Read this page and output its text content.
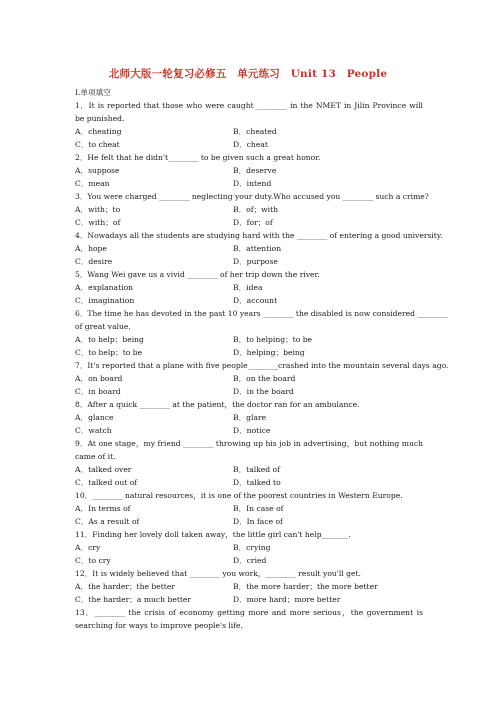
北师大版一轮复习必修五　单元练习　Unit 13　People
Ⅰ.单项填空
1．It is reported that those who were caught ________ in the NMET in Jilin Province will be punished.
A．cheating	B．cheated
C．to cheat	D．cheat
2．He felt that he didn't________ to be given such a great honor.
A．suppose	B．deserve
C．mean	D．intend
3．You were charged ________ neglecting your duty.Who accused you ________ such a crime?
A．with；to	B．of；with
C．with；of	D．for；of
4．Nowadays all the students are studying hard with the ________ of entering a good university.
A．hope	B．attention
C．desire	D．purpose
5．Wang Wei gave us a vivid ________ of her trip down the river.
A．explanation	B．idea
C．imagination	D．account
6．The time he has devoted in the past 10 years ________ the disabled is now considered ________
of great value.
A．to help；being	B．to helping；to be
C．to help；to be	D．helping；being
7．It's reported that a plane with five people________crashed into the mountain several days ago.
A．on board	B．on the board
C．in board	D．in the board
8．After a quick ________ at the patient，the doctor ran for an ambulance.
A．glance	B．glare
C．watch	D．notice
9．At one stage，my friend ________ throwing up his job in advertising，but nothing much came of it.
A．talked over	B．talked of
C．talked out of	D．talked to
10．________ natural resources，it is one of the poorest countries in Western Europe.
A．In terms of	B．In case of
C．As a result of	D．In face of
11．Finding her lovely doll taken away，the little girl can't help_______.
A．cry	B．crying
C．to cry	D．cried
12．It is widely believed that ________ you work，________ result you'll get.
A．the harder；the better	B．the more harder；the more better
C．the harder；a much better	D．more hard；more better
13．________ the crisis of economy getting more and more serious，the government is searching for ways to improve people's life.
